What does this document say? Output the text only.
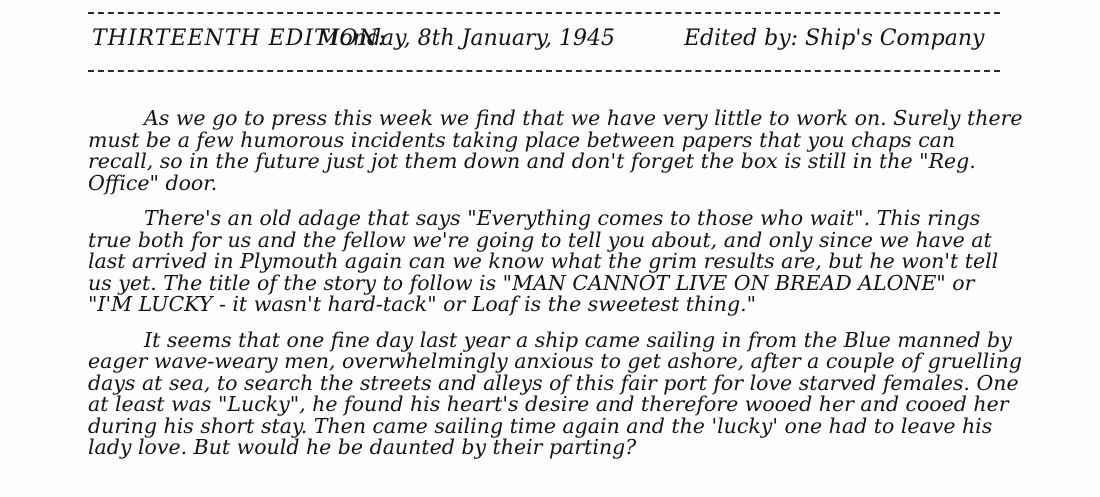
THIRTEENTH EDITION:
Monday, 8th January, 1945	Edited by: Ship's Company

As we go to press this week we find that we have very little to work on. Surely there must be a few humorous incidents taking place between papers that you chaps can recall, so in the future just jot them down and don't forget the box is still in the "Reg. Office" door.

There's an old adage that says "Everything comes to those who wait". This rings true both for us and the fellow we're going to tell you about, and only since we have at last arrived in Plymouth again can we know what the grim results are, but he won't tell us yet. The title of the story to follow is "MAN CANNOT LIVE ON BREAD ALONE" or "I'M LUCKY - it wasn't hard-tack" or Loaf is the sweetest thing."

It seems that one fine day last year a ship came sailing in from the Blue manned by eager wave-weary men, overwhelmingly anxious to get ashore, after a couple of gruelling days at sea, to search the streets and alleys of this fair port for love starved females. One at least was "Lucky", he found his heart's desire and therefore wooed her and cooed her during his short stay. Then came sailing time again and the 'lucky' one had to leave his lady love. But would he be daunted by their parting?
